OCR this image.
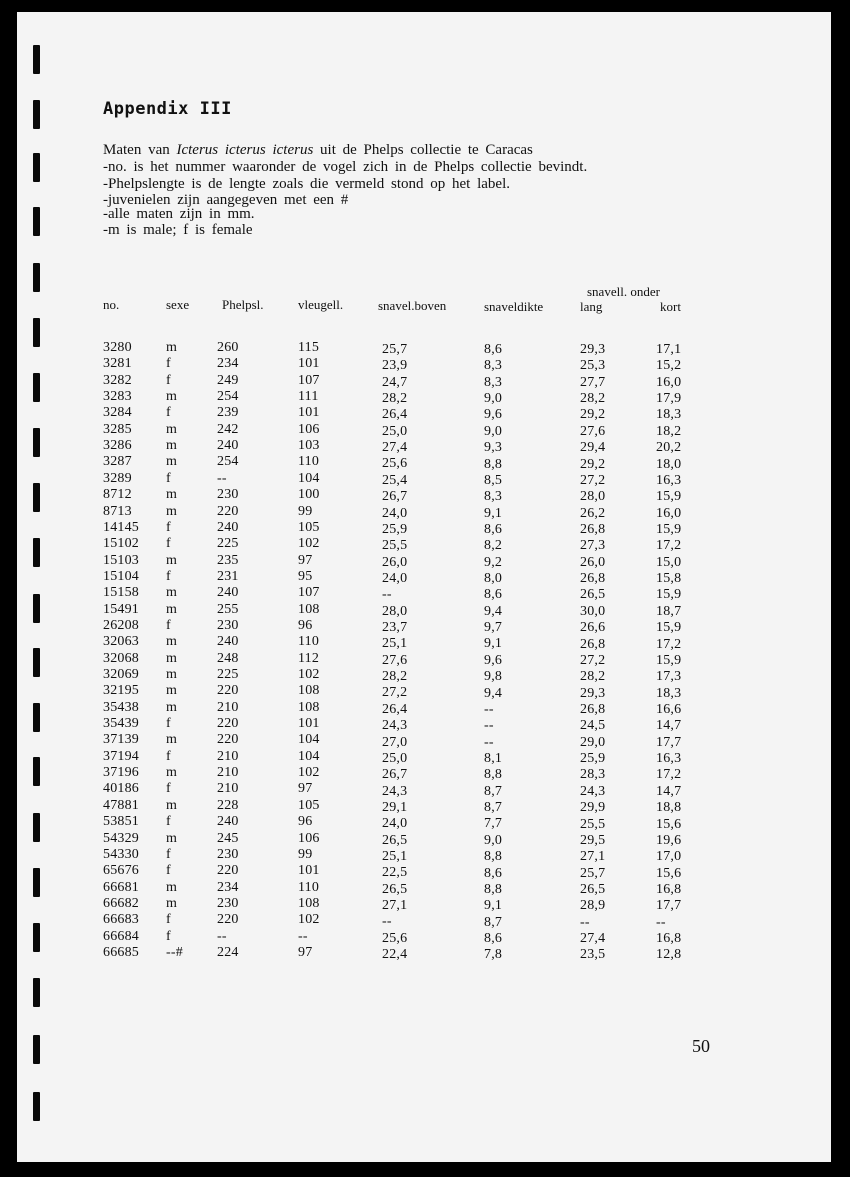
Appendix III
Maten van Icterus icterus icterus uit de Phelps collectie te Caracas
-no. is het nummer waaronder de vogel zich in de Phelps collectie bevindt.
-Phelpslengte is de lengte zoals die vermeld stond op het label.
-juvenielen zijn aangegeven met een #
-alle maten zijn in mm.
-m is male; f is female
snavell. onder
no.	sexe	Phelpsl.	vleugell.	snavel.boven	snaveldikte	lang	kort
3280 m	260	115	25,7	8,6	29,3	17,1
3281 f	234	101	23,9	8,3	25,3	15,2
3282 f	249	107	24,7	8,3	27,7	16,0
3283 m	254	111	28,2	9,0	28,2	17,9
3284 f	239	101	26,4	9,6	29,2	18,3
3285 m	242	106	25,0	9,0	27,6	18,2
3286 m	240	103	27,4	9,3	29,4	20,2
3287 m	254	110	25,6	8,8	29,2	18,0
3289 f	--	104	25,4	8,5	27,2	16,3
8712 m	230	100	26,7	8,3	28,0	15,9
8713 m	220	99	24,0	9,1	26,2	16,0
14145 f	240	105	25,9	8,6	26,8	15,9
15102 f	225	102	25,5	8,2	27,3	17,2
15103 m	235	97	26,0	9,2	26,0	15,0
15104 f	231	95	24,0	8,0	26,8	15,8
15158 m	240	107	--	8,6	26,5	15,9
15491 m	255	108	28,0	9,4	30,0	18,7
26208 f	230	96	23,7	9,7	26,6	15,9
32063 m	240	110	25,1	9,1	26,8	17,2
32068 m	248	112	27,6	9,6	27,2	15,9
32069 m	225	102	28,2	9,8	28,2	17,3
32195 m	220	108	27,2	9,4	29,3	18,3
35438 m	210	108	26,4	--	26,8	16,6
35439 f	220	101	24,3	--	24,5	14,7
37139 m	220	104	27,0	--	29,0	17,7
37194 f	210	104	25,0	8,1	25,9	16,3
37196 m	210	102	26,7	8,8	28,3	17,2
40186 f	210	97	24,3	8,7	24,3	14,7
47881 m	228	105	29,1	8,7	29,9	18,8
53851 f	240	96	24,0	7,7	25,5	15,6
54329 m	245	106	26,5	9,0	29,5	19,6
54330 f	230	99	25,1	8,8	27,1	17,0
65676 f	220	101	22,5	8,6	25,7	15,6
66681 m	234	110	26,5	8,8	26,5	16,8
66682 m	230	108	27,1	9,1	28,9	17,7
66683 f	220	102	--	8,7	--	--
66684 f	--	--	25,6	8,6	27,4	16,8
66685 --# 224	97	22,4	7,8	23,5	12,8
50
